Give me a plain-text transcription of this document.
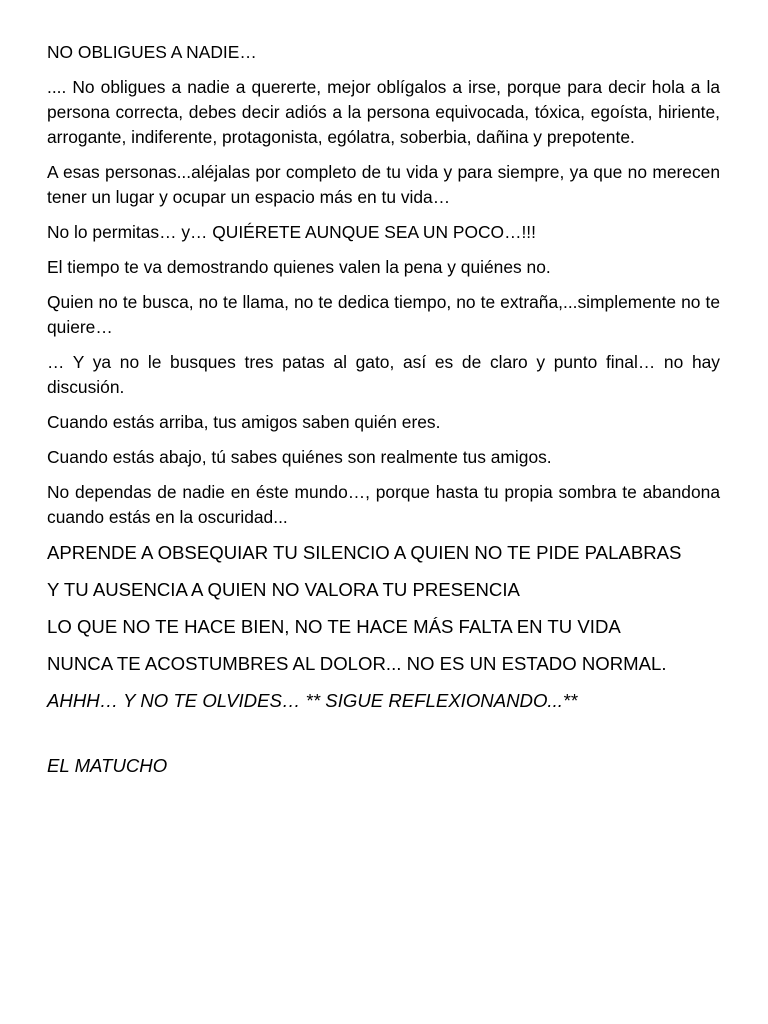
NO OBLIGUES A NADIE…

.... No obligues a nadie a quererte, mejor oblígalos a irse, porque para decir hola a la persona correcta, debes decir adiós a la persona equivocada, tóxica, egoísta, hiriente, arrogante, indiferente, protagonista, ególatra, soberbia, dañina y prepotente.

A esas personas...aléjalas por completo de tu vida y para siempre, ya que no merecen tener un lugar y ocupar un espacio más en tu vida…

No lo permitas… y… QUIÉRETE AUNQUE SEA UN POCO…!!!

El tiempo te va demostrando quienes valen la pena y quiénes no.

Quien no te busca, no te llama, no te dedica tiempo, no te extraña,...simplemente no te quiere…

… Y ya no le busques tres patas al gato, así es de claro y punto final… no hay discusión.

Cuando estás arriba, tus amigos saben quién eres.

Cuando estás abajo, tú sabes quiénes son realmente tus amigos.

No dependas de nadie en éste mundo…, porque hasta tu propia sombra te abandona cuando estás en la oscuridad...

APRENDE A OBSEQUIAR TU SILENCIO A QUIEN NO TE PIDE PALABRAS

Y TU AUSENCIA A QUIEN NO VALORA TU PRESENCIA

LO QUE NO TE HACE BIEN, NO TE HACE MÁS FALTA EN TU VIDA

NUNCA TE ACOSTUMBRES AL DOLOR... NO ES UN ESTADO NORMAL.

AHHH… Y NO TE OLVIDES… ** SIGUE REFLEXIONANDO...**

EL MATUCHO
